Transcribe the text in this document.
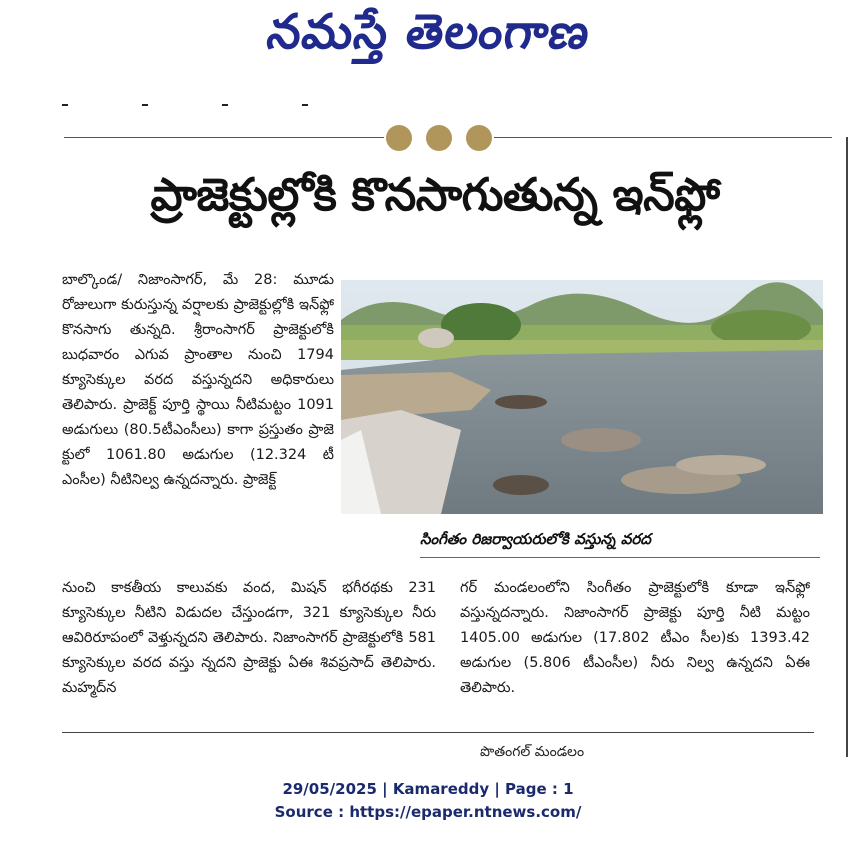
నమస్తే తెలంగాణ
ప్రాజెక్టుల్లోకి కొనసాగుతున్న ఇన్‌ఫ్లో
బాల్కొండ/ నిజాంసాగర్, మే 28: మూడు రోజులుగా కురుస్తున్న వర్షాలకు ప్రాజెక్టుల్లోకి ఇన్‌ఫ్లో కొనసాగు తున్నది. శ్రీరాంసాగర్ ప్రాజెక్టులోకి బుధవారం ఎగువ ప్రాంతాల నుంచి 1794 క్యూసెక్కుల వరద వస్తున్నదని అధికారులు తెలిపారు. ప్రాజెక్ట్ పూర్తి స్థాయి నీటిమట్టం 1091 అడుగులు (80.5టీఎంసీలు) కాగా ప్రస్తుతం ప్రాజె క్టులో 1061.80 అడుగుల (12.324 టీ ఎంసీల) నీటినిల్వ ఉన్నదన్నారు. ప్రాజెక్ట్
సింగీతం రిజర్వాయరులోకి వస్తున్న వరద
నుంచి కాకతీయ కాలువకు వంద, మిషన్ భగీరథకు 231 క్యూసెక్కుల నీటిని విడుదల చేస్తుండగా, 321 క్యూసెక్కుల నీరు ఆవిరిరూపంలో వెళ్తున్నదని తెలిపారు. నిజాంసాగర్ ప్రాజెక్టులోకి 581 క్యూసెక్కుల వరద వస్తు న్నదని ప్రాజెక్టు ఏఈ శివప్రసాద్ తెలిపారు. మహ్మద్‌న
గర్ మండలంలోని సింగీతం ప్రాజెక్టులోకి కూడా ఇన్‌ఫ్లో వస్తున్నదన్నారు. నిజాంసాగర్ ప్రాజెక్టు పూర్తి నీటి మట్టం 1405.00 అడుగుల (17.802 టీఎం సీల)కు 1393.42 అడుగుల (5.806 టీఎంసీల) నీరు నిల్వ ఉన్నదని ఏఈ తెలిపారు.
పొతంగల్ మండలం
29/05/2025 | Kamareddy | Page : 1
Source : https://epaper.ntnews.com/
